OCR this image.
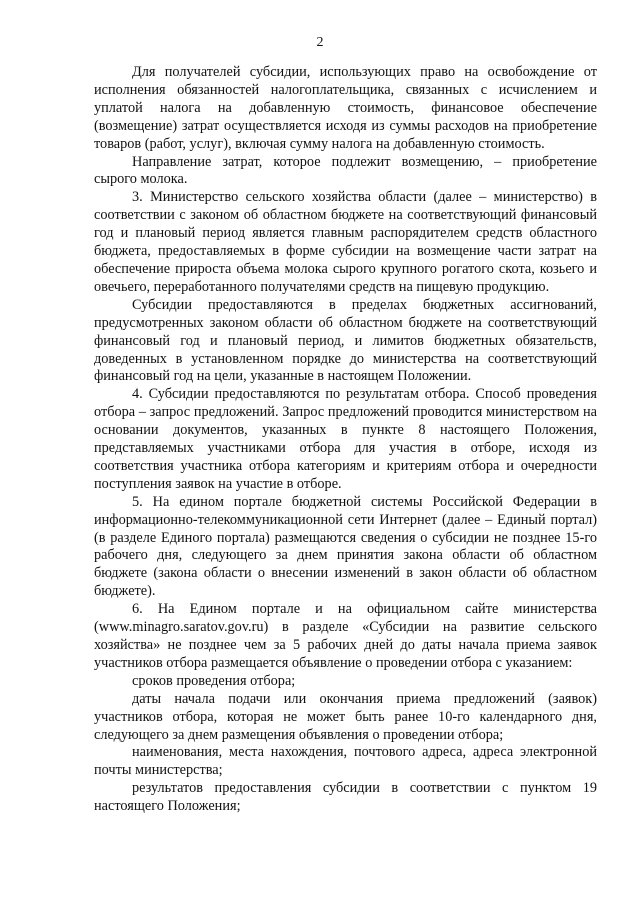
2

Для получателей субсидии, использующих право на освобождение от исполнения обязанностей налогоплательщика, связанных с исчислением и уплатой налога на добавленную стоимость, финансовое обеспечение (возмещение) затрат осуществляется исходя из суммы расходов на приобретение товаров (работ, услуг), включая сумму налога на добавленную стоимость.

Направление затрат, которое подлежит возмещению, – приобретение сырого молока.

3. Министерство сельского хозяйства области (далее – министерство) в соответствии с законом об областном бюджете на соответствующий финансовый год и плановый период является главным распорядителем средств областного бюджета, предоставляемых в форме субсидии на возмещение части затрат на обеспечение прироста объема молока сырого крупного рогатого скота, козьего и овечьего, переработанного получателями средств на пищевую продукцию.

Субсидии предоставляются в пределах бюджетных ассигнований, предусмотренных законом области об областном бюджете на соответствующий финансовый год и плановый период, и лимитов бюджетных обязательств, доведенных в установленном порядке до министерства на соответствующий финансовый год на цели, указанные в настоящем Положении.

4. Субсидии предоставляются по результатам отбора. Способ проведения отбора – запрос предложений. Запрос предложений проводится министерством на основании документов, указанных в пункте 8 настоящего Положения, представляемых участниками отбора для участия в отборе, исходя из соответствия участника отбора категориям и критериям отбора и очередности поступления заявок на участие в отборе.

5. На едином портале бюджетной системы Российской Федерации в информационно-телекоммуникационной сети Интернет (далее – Единый портал) (в разделе Единого портала) размещаются сведения о субсидии не позднее 15-го рабочего дня, следующего за днем принятия закона области об областном бюджете (закона области о внесении изменений в закон области об областном бюджете).

6. На Едином портале и на официальном сайте министерства (www.minagro.saratov.gov.ru) в разделе «Субсидии на развитие сельского хозяйства» не позднее чем за 5 рабочих дней до даты начала приема заявок участников отбора размещается объявление о проведении отбора с указанием:

сроков проведения отбора;

даты начала подачи или окончания приема предложений (заявок) участников отбора, которая не может быть ранее 10-го календарного дня, следующего за днем размещения объявления о проведении отбора;

наименования, места нахождения, почтового адреса, адреса электронной почты министерства;

результатов предоставления субсидии в соответствии с пунктом 19 настоящего Положения;
